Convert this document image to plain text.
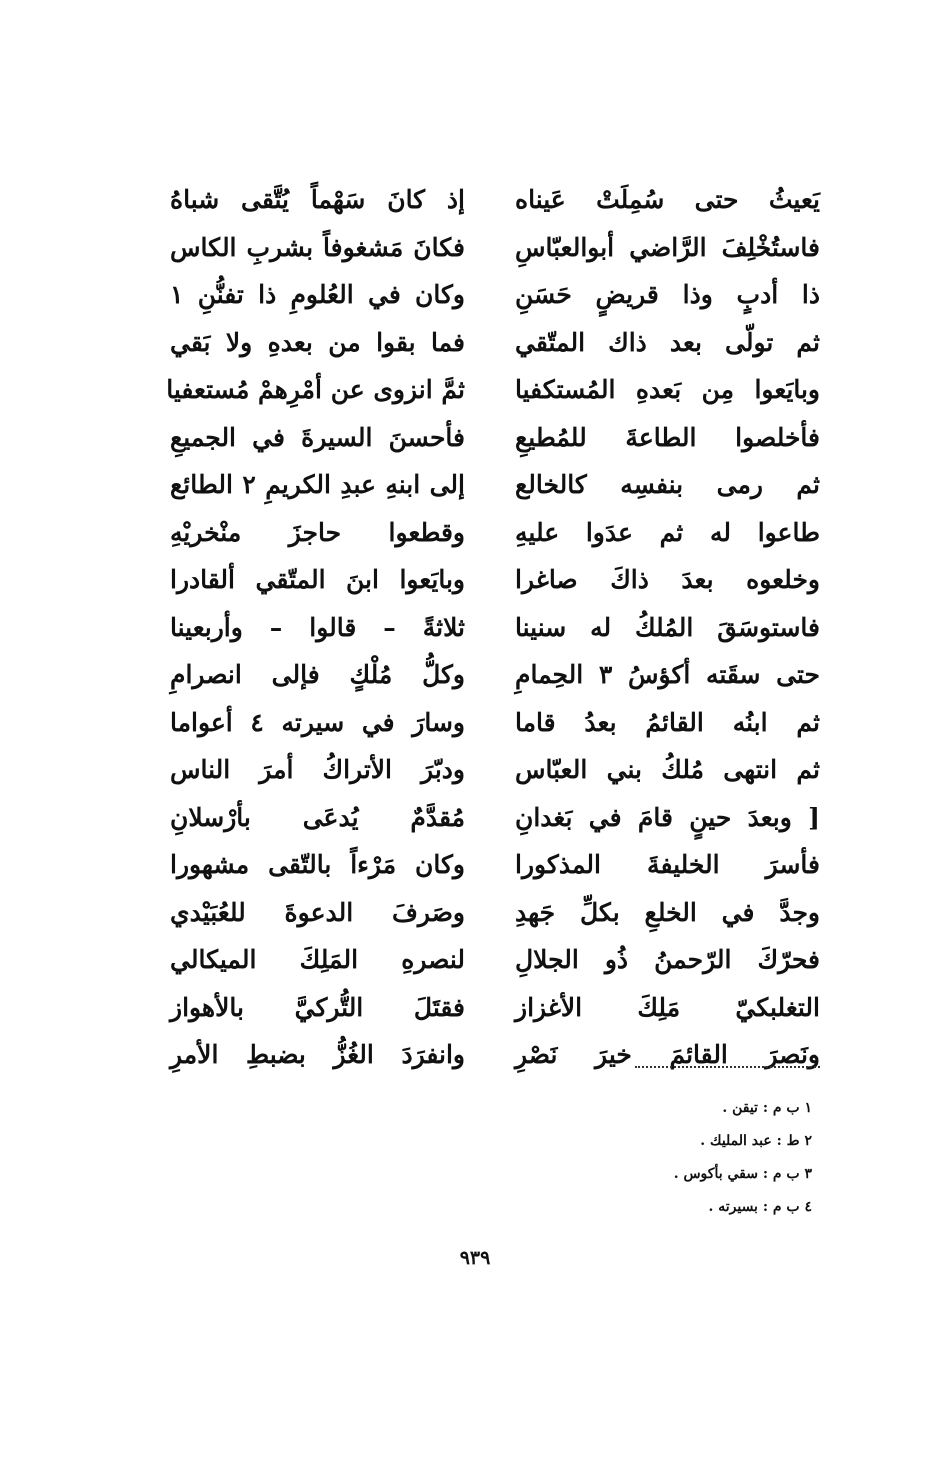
يَعيثُ حتى سُمِلَتْ عَيناه
إذ كانَ سَهْماً يُتَّقى شباهُ
فاستُخْلِفَ الرَّاضي أبوالعبّاسِ
فكانَ مَشغوفاً بشربِ الكاس
ذا أدبٍ وذا قريضٍ حَسَنِ
وكان في العُلومِ ذا تفنُّنِ ١
ثم تولّى بعد ذاك المتّقي
فما بقوا من بعدهِ ولا بَقي
وبايَعوا مِن بَعدهِ المُستكفيا
ثمَّ انزوى عن أمْرِهمْ مُستعفيا
فأخلصوا الطاعةَ للمُطيعِ
فأحسنَ السيرةَ في الجميعِ
ثم رمى بنفسِه كالخالع
إلى ابنهِ عبدِ الكريمِ ٢ الطائع
طاعوا له ثم عدَوا عليهِ
وقطعوا حاجزَ منْخريْهِ
وخلعوه بعدَ ذاكَ صاغرا
وبايَعوا ابنَ المتّقي ألقادرا
فاستوسَقَ المُلكُ له سنينا
ثلاثةً – قالوا – وأربعينا
حتى سقَته أكؤسُ ٣ الحِمامِ
وكلُّ مُلْكٍ فإلى انصرامِ
ثم ابنُه القائمُ بعدُ قاما
وسارَ في سيرته ٤ أعواما
ثم انتهى مُلكُ بني العبّاس
ودبّرَ الأتراكُ أمرَ الناس
[ وبعدَ حينٍ قامَ في بَغدانِ
مُقدَّمٌ يُدعَى بأرْسلانِ
فأسرَ الخليفةَ المذكورا
وكان مَرْءاً بالتّقى مشهورا
وجدَّ في الخلعِ بكلِّ جَهدِ
وصَرفَ الدعوةَ للعُبَيْدي
فحرّكَ الرّحمنُ ذُو الجلالِ
لنصرهِ المَلِكَ الميكالي
التغلبكيّ مَلِكَ الأغزاز
فقتَلَ التُّركيَّ بالأهواز
ونَصرَ القائمَ خيرَ نَصْرِ
وانفرَدَ الغُزُّ بضبطِ الأمرِ
١ ب م : تيقن .
٢ ط : عبد المليك .
٣ ب م : سقي بأكوس .
٤ ب م : بسيرته .
٩٣٩
